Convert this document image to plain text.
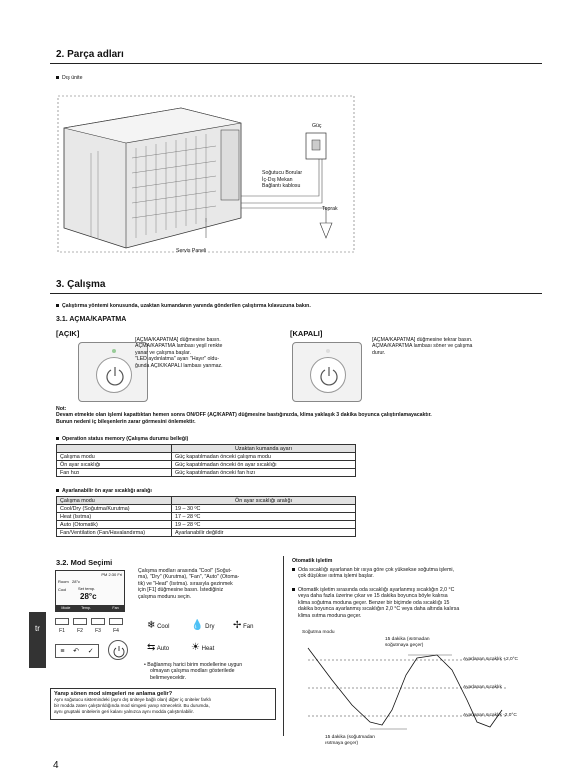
2. Parça adları
Dış ünite
Güç
Soğutucu Borular
İç-Dış Mekan
Bağlantı kablosu
Toprak
Servis Paneli
3. Çalışma
Çalıştırma yöntemi konusunda, uzaktan kumandanın yanında gönderilen çalıştırma kılavuzuna bakın.
3.1. AÇMA/KAPATMA
[AÇIK]
[AÇMA/KAPATMA] düğmesine basın.
AÇMA/KAPATMA lambası yeşil renkte
yanar ve çalışma başlar.
"LED aydınlatma" ayarı "Hayır" oldu-
ğunda AÇIK/KAPALI lambası yanmaz.
[KAPALI]
[AÇMA/KAPATMA] düğmesine tekrar basın.
AÇMA/KAPATMA lambası söner ve çalışma
durur.
Not:
Devam etmekte olan işlemi kapattıktan hemen sonra ON/OFF (AÇ/KAPAT) düğmesine bastığınızda, klima yaklaşık 3 dakika boyunca çalıştırılamayacaktır.
Bunun nedeni iç bileşenlerin zarar görmesini önlemektir.
Operation status memory (Çalışma durumu belleği)
	Uzaktan kumanda ayarı
Çalışma modu	Güç kapatılmadan önceki çalışma modu
Ön ayar sıcaklığı	Güç kapatılmadan önceki ön ayar sıcaklığı
Fan hızı	Güç kapatılmadan önceki fan hızı
Ayarlanabilir ön ayar sıcaklığı aralığı
Çalışma modu	Ön ayar sıcaklığı aralığı
Cool/Dry (Soğutma/Kurutma)	19 – 30 ºC
Heat (Isıtma)	17 – 28 ºC
Auto (Otomatik)	19 – 28 ºC
Fan/Ventilation (Fan/Havalandırma)	Ayarlanabilir değildir
3.2. Mod Seçimi
PM 2:30 Fri
Room 28°c
Cool	Set temp.
28°c
Mode	Temp.	Fan
F1	F2	F3	F4
≡ ↶ ✓
Çalışma modları arasında "Cool" (Soğut-
ma), "Dry" (Kurutma), "Fan", "Auto" (Otoma-
tik) ve "Heat" (Isıtma). sırasıyla gezinmek
için [F1] düğmesine basın. İstediğiniz
çalışma modunu seçin.
❄ Cool 💧 Dry ✢ Fan
⇆ Auto ☀ Heat
• Bağlanmış harici birim modellerine uygun
olmayan çalışma modları gösterilede
belirmeyecektir.
Yanıp sönen mod simgeleri ne anlama gelir?
Aynı soğutucu sistemindeki (aynı dış üniteye bağlı olan) diğer iç üniteler farklı
bir modda zaten çalıştırıldığında mod simgesi yanıp sönecektir. Bu durumda,
aynı gruptaki ünitelerin geri kalanı yalnızca aynı modda çalıştırılabilir.
Otomatik işletim
Oda sıcaklığı ayarlanan bir ısıya göre çok yüksekse soğutma işlemi,
çok düşükse ısıtma işlemi başlar.
Otomatik işletim sırasında oda sıcaklığı ayarlanmış sıcaklığın 2,0 °C
veya daha fazla üzerine çıkar ve 15 dakika boyunca böyle kalırsa
klima soğutma moduna geçer. Benzer bir biçimde oda sıcaklığı 15
dakika boyunca ayarlanmış sıcaklığın 2,0 °C veya daha altında kalırsa
klima ısıtma moduna geçer.
Soğutma modu
15 dakika (ısıtmadan
soğutmaya geçer)
Ayarlanan sıcaklık +2,0°C
Ayarlanan sıcaklık
Ayarlanan sıcaklık -2,0°C
15 dakika (soğutmadan
ısıtmaya geçer)
tr
4
